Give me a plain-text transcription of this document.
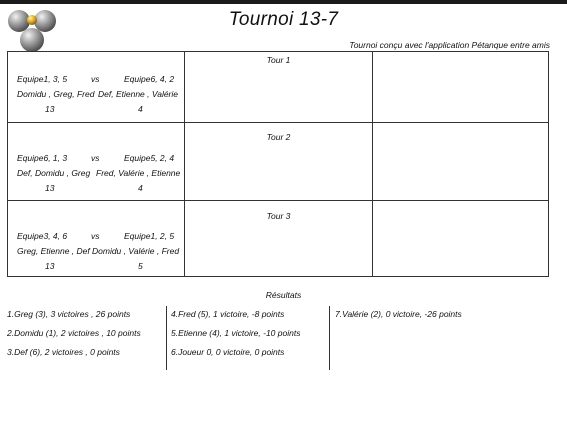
Tournoi 13-7
Tournoi conçu avec l'application Pétanque entre amis
Tour 1
Equipe1, 3, 5	vs	Equipe6, 4, 2
Domidu , Greg, Fred Def, Etienne , Valérie
13	4
Tour 2
Equipe6, 1, 3	vs	Equipe5, 2, 4
Def, Domidu , Greg Fred, Valérie , Etienne
13	4
Tour 3
Equipe3, 4, 6	vs	Equipe1, 2, 5
Greg, Etienne , Def Domidu , Valérie , Fred
13	5
Résultats
1.Greg (3), 3 victoires , 26 points
2.Domidu (1), 2 victoires , 10 points
3.Def (6), 2 victoires , 0 points
4.Fred (5), 1 victoire, -8 points
5.Etienne (4), 1 victoire, -10 points
6.Joueur 0, 0 victoire, 0 points
7.Valérie (2), 0 victoire, -26 points
